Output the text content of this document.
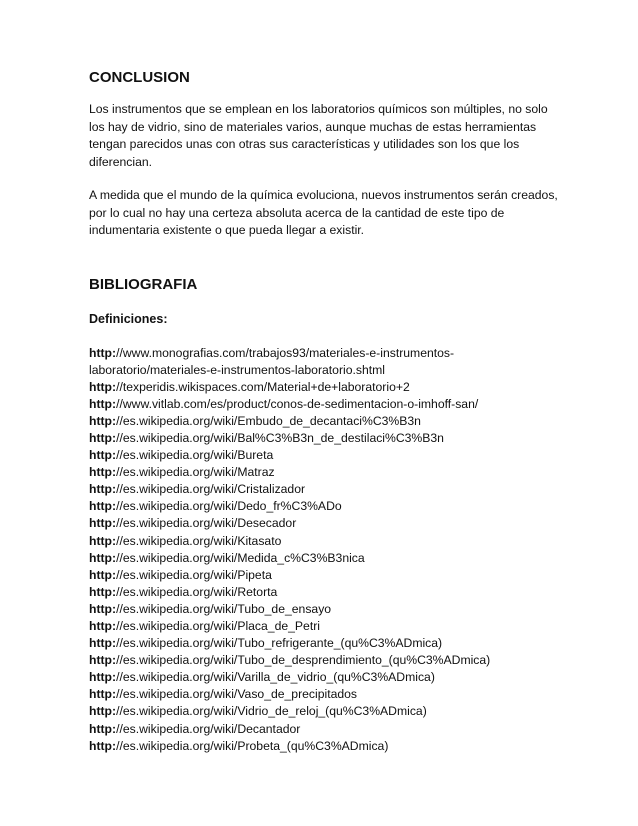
CONCLUSION

Los instrumentos que se emplean en los laboratorios químicos son múltiples, no solo los hay de vidrio, sino de materiales varios, aunque muchas de estas herramientas tengan parecidos unas con otras sus características y utilidades son los que los diferencian.

A medida que el mundo de la química evoluciona, nuevos instrumentos serán creados, por lo cual no hay una certeza absoluta acerca de la cantidad de este tipo de indumentaria existente o que pueda llegar a existir.

BIBLIOGRAFIA

Definiciones:

http://www.monografias.com/trabajos93/materiales-e-instrumentos-laboratorio/materiales-e-instrumentos-laboratorio.shtml
http://texperidis.wikispaces.com/Material+de+laboratorio+2
http://www.vitlab.com/es/product/conos-de-sedimentacion-o-imhoff-san/
http://es.wikipedia.org/wiki/Embudo_de_decantaci%C3%B3n
http://es.wikipedia.org/wiki/Bal%C3%B3n_de_destilaci%C3%B3n
http://es.wikipedia.org/wiki/Bureta
http://es.wikipedia.org/wiki/Matraz
http://es.wikipedia.org/wiki/Cristalizador
http://es.wikipedia.org/wiki/Dedo_fr%C3%ADo
http://es.wikipedia.org/wiki/Desecador
http://es.wikipedia.org/wiki/Kitasato
http://es.wikipedia.org/wiki/Medida_c%C3%B3nica
http://es.wikipedia.org/wiki/Pipeta
http://es.wikipedia.org/wiki/Retorta
http://es.wikipedia.org/wiki/Tubo_de_ensayo
http://es.wikipedia.org/wiki/Placa_de_Petri
http://es.wikipedia.org/wiki/Tubo_refrigerante_(qu%C3%ADmica)
http://es.wikipedia.org/wiki/Tubo_de_desprendimiento_(qu%C3%ADmica)
http://es.wikipedia.org/wiki/Varilla_de_vidrio_(qu%C3%ADmica)
http://es.wikipedia.org/wiki/Vaso_de_precipitados
http://es.wikipedia.org/wiki/Vidrio_de_reloj_(qu%C3%ADmica)
http://es.wikipedia.org/wiki/Decantador
http://es.wikipedia.org/wiki/Probeta_(qu%C3%ADmica)
